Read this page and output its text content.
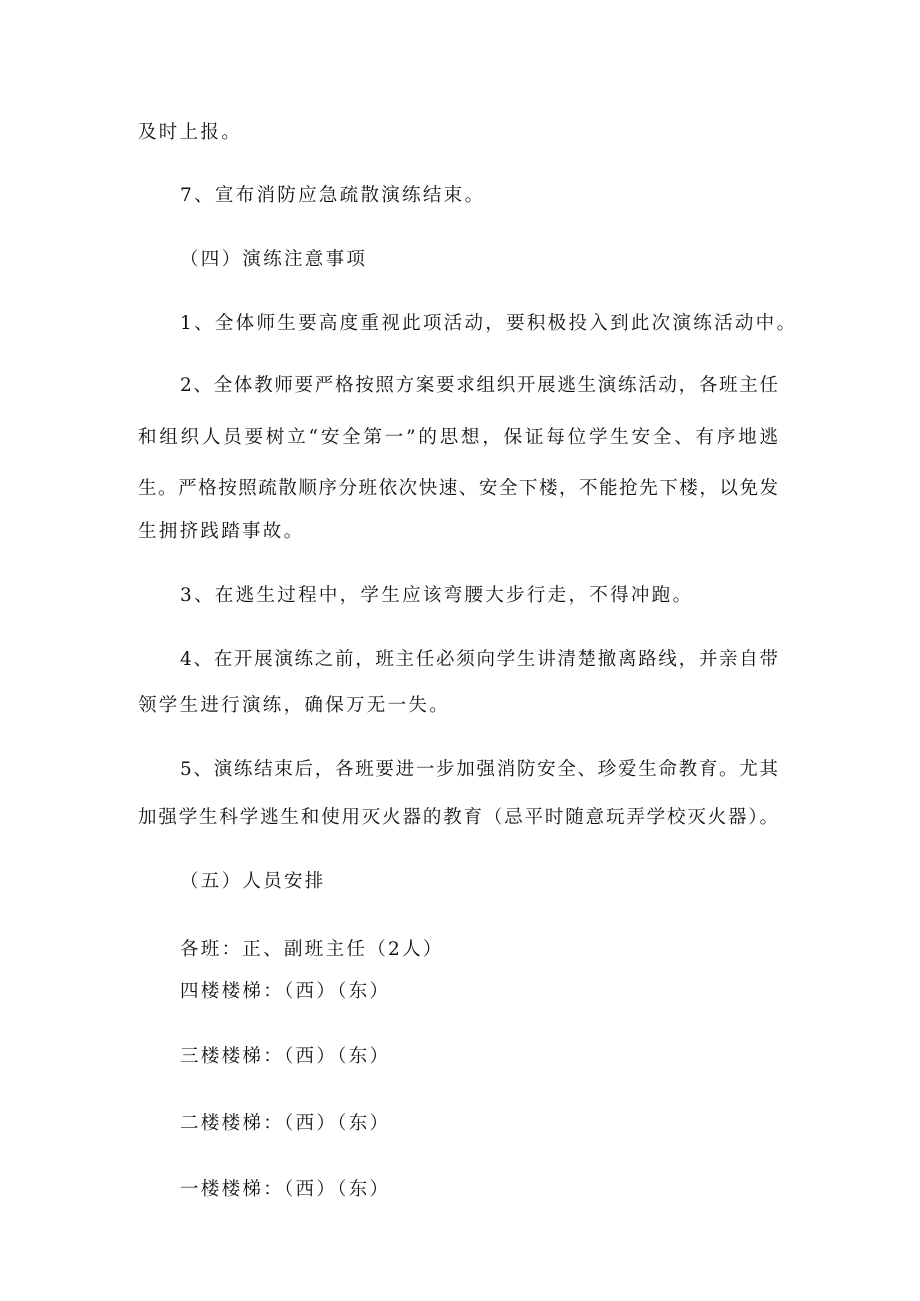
及时上报。
7、宣布消防应急疏散演练结束。
（四）演练注意事项
1、全体师生要高度重视此项活动，要积极投入到此次演练活动中。
2、全体教师要严格按照方案要求组织开展逃生演练活动，各班主任
和组织人员要树立“安全第一”的思想，保证每位学生安全、有序地逃
生。严格按照疏散顺序分班依次快速、安全下楼，不能抢先下楼，以免发
生拥挤践踏事故。
3、在逃生过程中，学生应该弯腰大步行走，不得冲跑。
4、在开展演练之前，班主任必须向学生讲清楚撤离路线，并亲自带
领学生进行演练，确保万无一失。
5、演练结束后，各班要进一步加强消防安全、珍爱生命教育。尤其
加强学生科学逃生和使用灭火器的教育（忌平时随意玩弄学校灭火器）。
（五）人员安排
各班：正、副班主任（2人）
四楼楼梯：（西）（东）
三楼楼梯：（西）（东）
二楼楼梯：（西）（东）
一楼楼梯：（西）（东）
